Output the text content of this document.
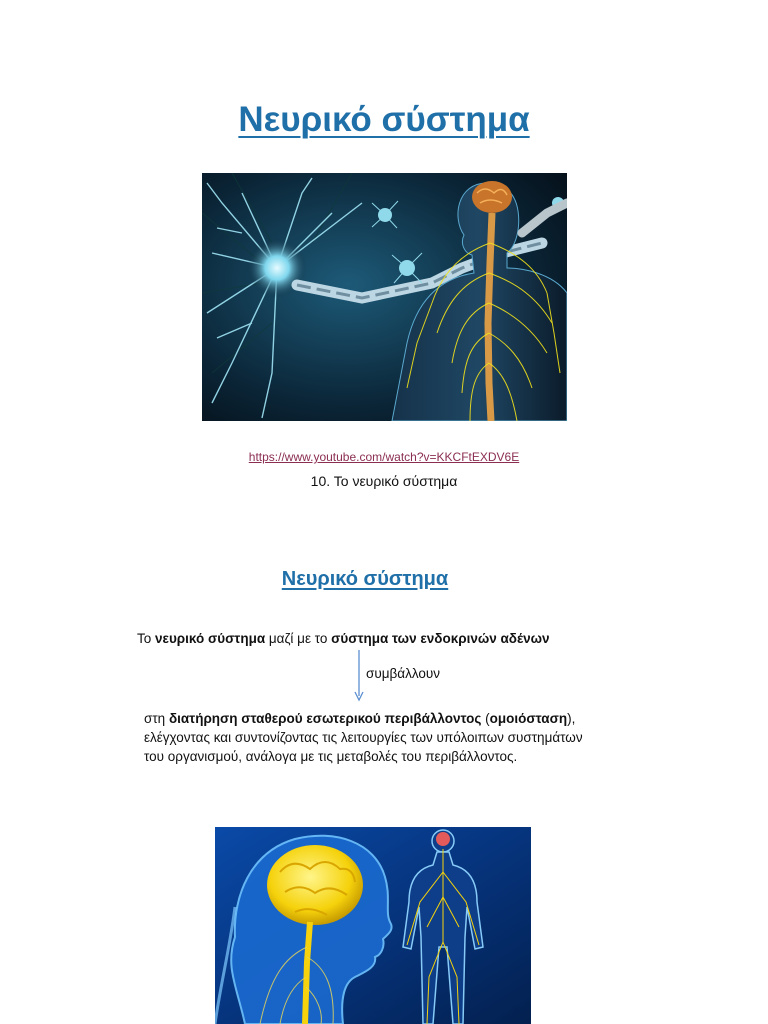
Νευρικό σύστημα
https://www.youtube.com/watch?v=KKCFtEXDV6E
10. Το νευρικό σύστημα
Νευρικό σύστημα
Το νευρικό σύστημα μαζί με το σύστημα των ενδοκρινών αδένων
συμβάλλουν

στη διατήρηση σταθερού εσωτερικού περιβάλλοντος (ομοιόσταση), ελέγχοντας και συντονίζοντας τις λειτουργίες των υπόλοιπων συστημάτων του οργανισμού, ανάλογα με τις μεταβολές του περιβάλλοντος.
